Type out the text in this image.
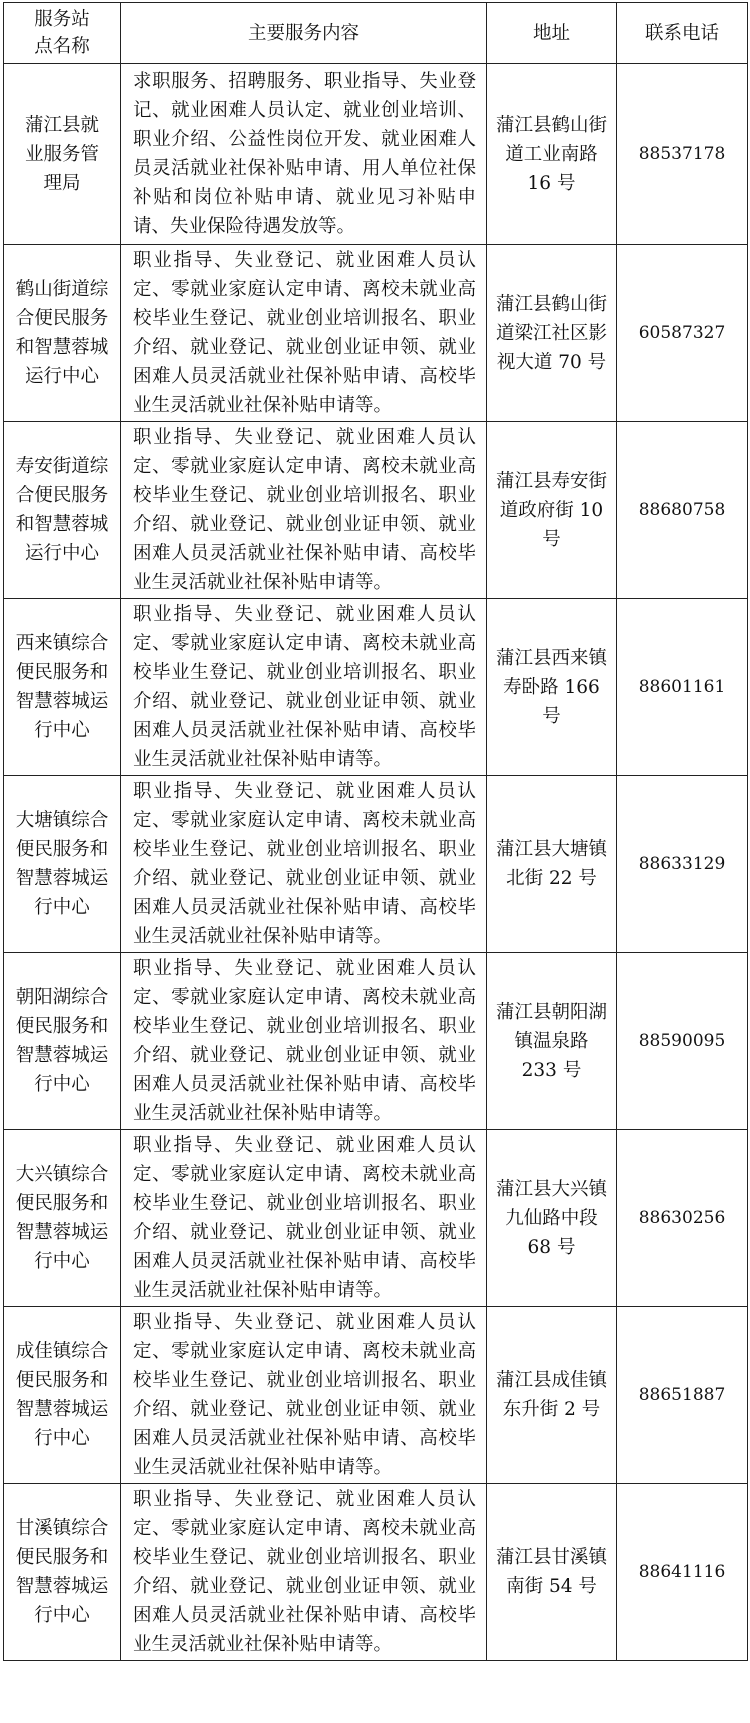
服务站点名称	主要服务内容	地址	联系电话
蒲江县就业服务管理局	求职服务、招聘服务、职业指导、失业登记、就业困难人员认定、就业创业培训、职业介绍、公益性岗位开发、就业困难人员灵活就业社保补贴申请、用人单位社保补贴和岗位补贴申请、就业见习补贴申请、失业保险待遇发放等。	蒲江县鹤山街道工业南路 16 号	88537178
鹤山街道综合便民服务和智慧蓉城运行中心	职业指导、失业登记、就业困难人员认定、零就业家庭认定申请、离校未就业高校毕业生登记、就业创业培训报名、职业介绍、就业登记、就业创业证申领、就业困难人员灵活就业社保补贴申请、高校毕业生灵活就业社保补贴申请等。	蒲江县鹤山街道梁江社区影视大道 70 号	60587327
寿安街道综合便民服务和智慧蓉城运行中心	职业指导、失业登记、就业困难人员认定、零就业家庭认定申请、离校未就业高校毕业生登记、就业创业培训报名、职业介绍、就业登记、就业创业证申领、就业困难人员灵活就业社保补贴申请、高校毕业生灵活就业社保补贴申请等。	蒲江县寿安街道政府街 10 号	88680758
西来镇综合便民服务和智慧蓉城运行中心	职业指导、失业登记、就业困难人员认定、零就业家庭认定申请、离校未就业高校毕业生登记、就业创业培训报名、职业介绍、就业登记、就业创业证申领、就业困难人员灵活就业社保补贴申请、高校毕业生灵活就业社保补贴申请等。	蒲江县西来镇寿卧路 166 号	88601161
大塘镇综合便民服务和智慧蓉城运行中心	职业指导、失业登记、就业困难人员认定、零就业家庭认定申请、离校未就业高校毕业生登记、就业创业培训报名、职业介绍、就业登记、就业创业证申领、就业困难人员灵活就业社保补贴申请、高校毕业生灵活就业社保补贴申请等。	蒲江县大塘镇北街 22 号	88633129
朝阳湖综合便民服务和智慧蓉城运行中心	职业指导、失业登记、就业困难人员认定、零就业家庭认定申请、离校未就业高校毕业生登记、就业创业培训报名、职业介绍、就业登记、就业创业证申领、就业困难人员灵活就业社保补贴申请、高校毕业生灵活就业社保补贴申请等。	蒲江县朝阳湖镇温泉路 233 号	88590095
大兴镇综合便民服务和智慧蓉城运行中心	职业指导、失业登记、就业困难人员认定、零就业家庭认定申请、离校未就业高校毕业生登记、就业创业培训报名、职业介绍、就业登记、就业创业证申领、就业困难人员灵活就业社保补贴申请、高校毕业生灵活就业社保补贴申请等。	蒲江县大兴镇九仙路中段 68 号	88630256
成佳镇综合便民服务和智慧蓉城运行中心	职业指导、失业登记、就业困难人员认定、零就业家庭认定申请、离校未就业高校毕业生登记、就业创业培训报名、职业介绍、就业登记、就业创业证申领、就业困难人员灵活就业社保补贴申请、高校毕业生灵活就业社保补贴申请等。	蒲江县成佳镇东升街 2 号	88651887
甘溪镇综合便民服务和智慧蓉城运行中心	职业指导、失业登记、就业困难人员认定、零就业家庭认定申请、离校未就业高校毕业生登记、就业创业培训报名、职业介绍、就业登记、就业创业证申领、就业困难人员灵活就业社保补贴申请、高校毕业生灵活就业社保补贴申请等。	蒲江县甘溪镇南街 54 号	88641116
